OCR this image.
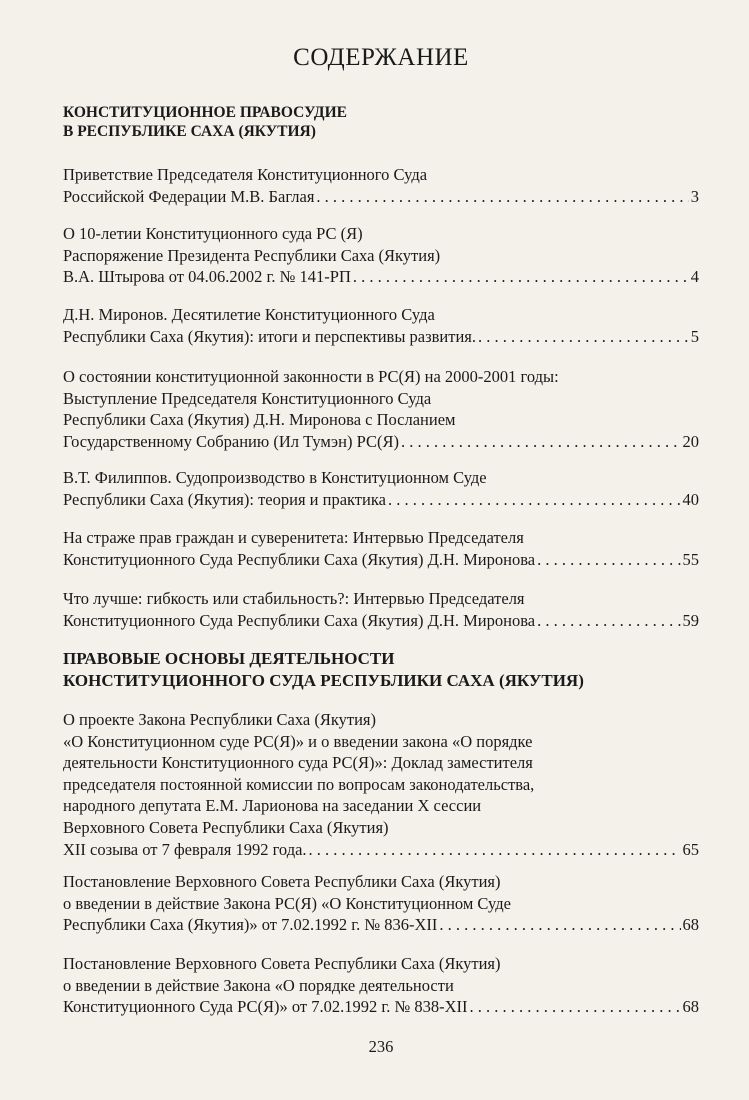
СОДЕРЖАНИЕ
КОНСТИТУЦИОННОЕ ПРАВОСУДИЕ
В РЕСПУБЛИКЕ САХА (ЯКУТИЯ)
Приветствие Председателя Конституционного Суда
Российской Федерации М.В. Баглая . . .	3
О 10-летии Конституционного суда РС (Я)
Распоряжение Президента Республики Саха (Якутия)
В.А. Штырова от 04.06.2002 г. № 141-РП . . .	4
Д.Н. Миронов. Десятилетие Конституционного Суда
Республики Саха (Якутия): итоги и перспективы развития. . . .	5
О состоянии конституционной законности в РС(Я) на 2000-2001 годы:
Выступление Председателя Конституционного Суда
Республики Саха (Якутия) Д.Н. Миронова с Посланием
Государственному Собранию (Ил Тумэн) РС(Я) . . .	20
В.Т. Филиппов. Судопроизводство в Конституционном Суде
Республики Саха (Якутия): теория и практика . . .	40
На страже прав граждан и суверенитета: Интервью Председателя
Конституционного Суда Республики Саха (Якутия) Д.Н. Миронова . . .	55
Что лучше: гибкость или стабильность?: Интервью Председателя
Конституционного Суда Республики Саха (Якутия) Д.Н. Миронова . . .	59
ПРАВОВЫЕ ОСНОВЫ ДЕЯТЕЛЬНОСТИ
КОНСТИТУЦИОННОГО СУДА РЕСПУБЛИКИ САХА (ЯКУТИЯ)
О проекте Закона Республики Саха (Якутия)
«О Конституционном суде РС(Я)» и о введении закона «О порядке
деятельности Конституционного суда РС(Я)»: Доклад заместителя
председателя постоянной комиссии по вопросам законодательства,
народного депутата Е.М. Ларионова на заседании X сессии
Верховного Совета Республики Саха (Якутия)
XII созыва от 7 февраля 1992 года. . . .	65
Постановление Верховного Совета Республики Саха (Якутия)
о введении в действие Закона РС(Я) «О Конституционном Суде
Республики Саха (Якутия)» от 7.02.1992 г. № 836-XII . . .	68
Постановление Верховного Совета Республики Саха (Якутия)
о введении в действие Закона «О порядке деятельности
Конституционного Суда РС(Я)» от 7.02.1992 г. № 838-XII . . .	68
236
